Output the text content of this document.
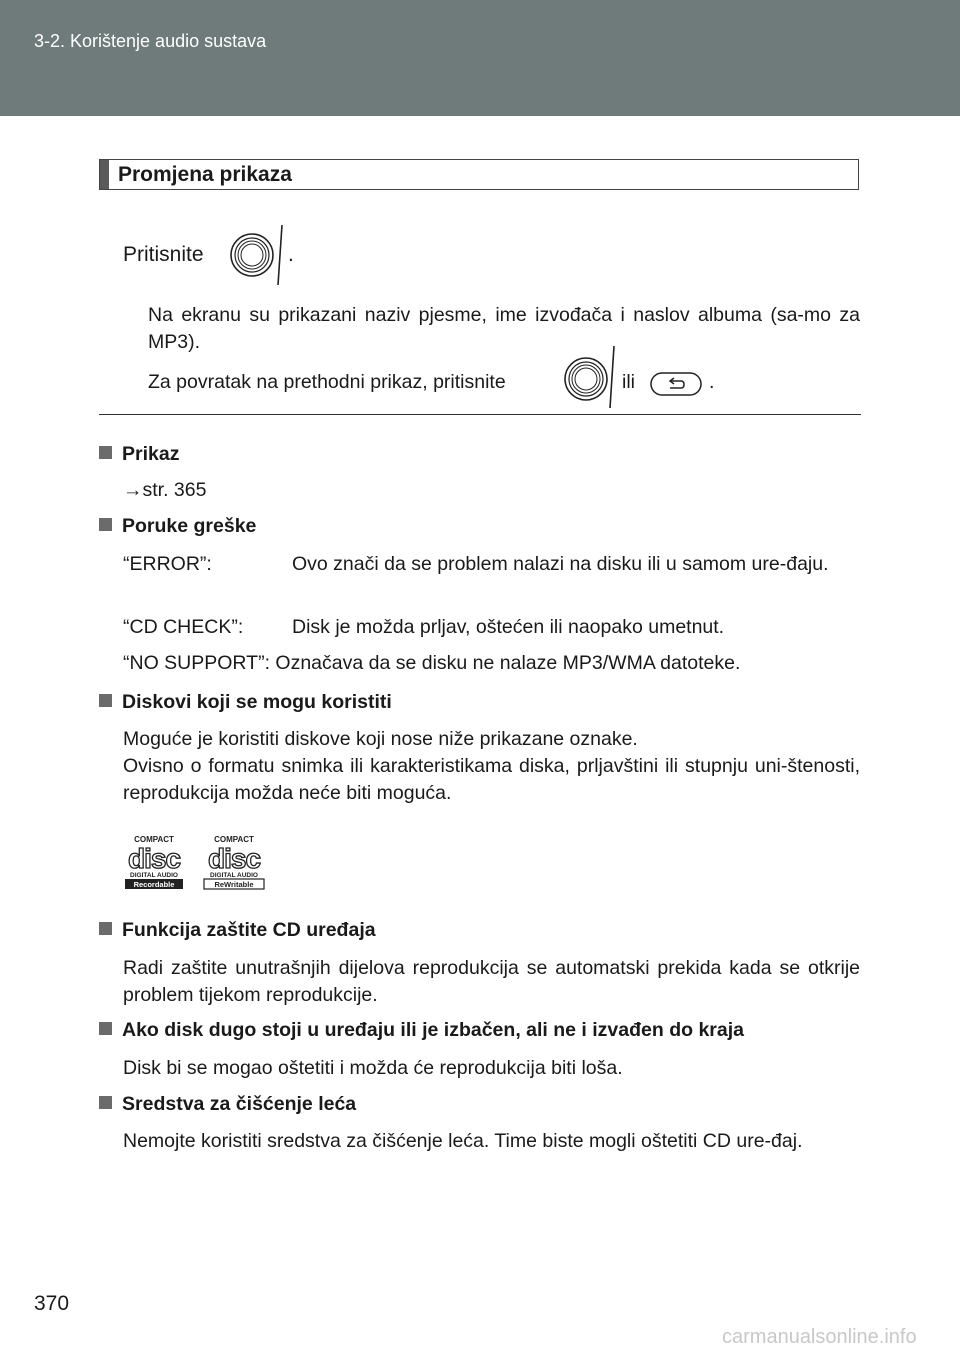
3-2. Korištenje audio sustava
Promjena prikaza
Pritisnite	.
Na ekranu su prikazani naziv pjesme, ime izvođača i naslov albuma (sa-mo za MP3).
Za povratak na prethodni prikaz, pritisnite	ili	.
Prikaz
→str. 365
Poruke greške
“ERROR”:	Ovo znači da se problem nalazi na disku ili u samom ure-đaju.
“CD CHECK”:	Disk je možda prljav, oštećen ili naopako umetnut.
“NO SUPPORT”: Označava da se disku ne nalaze MP3/WMA datoteke.
Diskovi koji se mogu koristiti
Moguće je koristiti diskove koji nose niže prikazane oznake.
Ovisno o formatu snimka ili karakteristikama diska, prljavštini ili stupnju uni-štenosti, reprodukcija možda neće biti moguća.
COMPACT
disc
DIGITAL AUDIO
Recordable
COMPACT
disc
DIGITAL AUDIO
ReWritable
Funkcija zaštite CD uređaja
Radi zaštite unutrašnjih dijelova reprodukcija se automatski prekida kada se otkrije problem tijekom reprodukcije.
Ako disk dugo stoji u uređaju ili je izbačen, ali ne i izvađen do kraja
Disk bi se mogao oštetiti i možda će reprodukcija biti loša.
Sredstva za čišćenje leća
Nemojte koristiti sredstva za čišćenje leća. Time biste mogli oštetiti CD ure-đaj.
370
carmanualsonline.info
